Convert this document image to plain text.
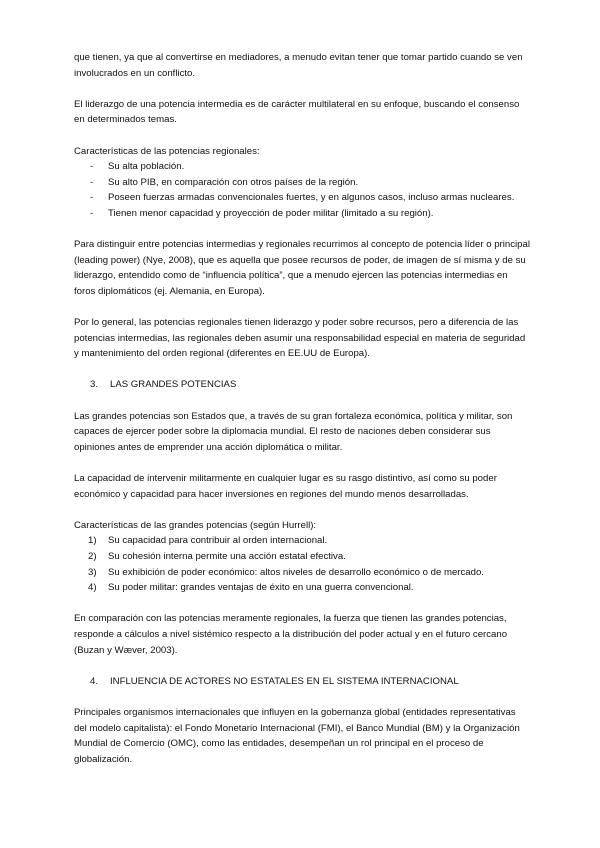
que tienen, ya que al convertirse en mediadores, a menudo evitan tener que tomar partido cuando se ven involucrados en un conflicto.

El liderazgo de una potencia intermedia es de carácter multilateral en su enfoque, buscando el consenso en determinados temas.

Características de las potencias regionales:

- Su alta población.
- Su alto PIB, en comparación con otros países de la región.
- Poseen fuerzas armadas convencionales fuertes, y en algunos casos, incluso armas nucleares.
- Tienen menor capacidad y proyección de poder militar (limitado a su región).

Para distinguir entre potencias intermedias y regionales recurrimos al concepto de potencia líder o principal (leading power) (Nye, 2008), que es aquella que posee recursos de poder, de imagen de sí misma y de su liderazgo, entendido como de “influencia política”, que a menudo ejercen las potencias intermedias en foros diplomáticos (ej. Alemania, en Europa).

Por lo general, las potencias regionales tienen liderazgo y poder sobre recursos, pero a diferencia de las potencias intermedias, las regionales deben asumir una responsabilidad especial en materia de seguridad y mantenimiento del orden regional (diferentes en EE.UU de Europa).

3. LAS GRANDES POTENCIAS

Las grandes potencias son Estados que, a través de su gran fortaleza económica, política y militar, son capaces de ejercer poder sobre la diplomacia mundial. El resto de naciones deben considerar sus opiniones antes de emprender una acción diplomática o militar.

La capacidad de intervenir militarmente en cualquier lugar es su rasgo distintivo, así como su poder económico y capacidad para hacer inversiones en regiones del mundo menos desarrolladas.

Características de las grandes potencias (según Hurrell):

1) Su capacidad para contribuir al orden internacional.
2) Su cohesión interna permite una acción estatal efectiva.
3) Su exhibición de poder económico: altos niveles de desarrollo económico o de mercado.
4) Su poder militar: grandes ventajas de éxito en una guerra convencional.

En comparación con las potencias meramente regionales, la fuerza que tienen las grandes potencias, responde a cálculos a nivel sistémico respecto a la distribución del poder actual y en el futuro cercano (Buzan y Wæver, 2003).

4. INFLUENCIA DE ACTORES NO ESTATALES EN EL SISTEMA INTERNACIONAL

Principales organismos internacionales que influyen en la gobernanza global (entidades representativas del modelo capitalista): el Fondo Monetario Internacional (FMI), el Banco Mundial (BM) y la Organización Mundial de Comercio (OMC), como las entidades, desempeñan un rol principal en el proceso de globalización.
